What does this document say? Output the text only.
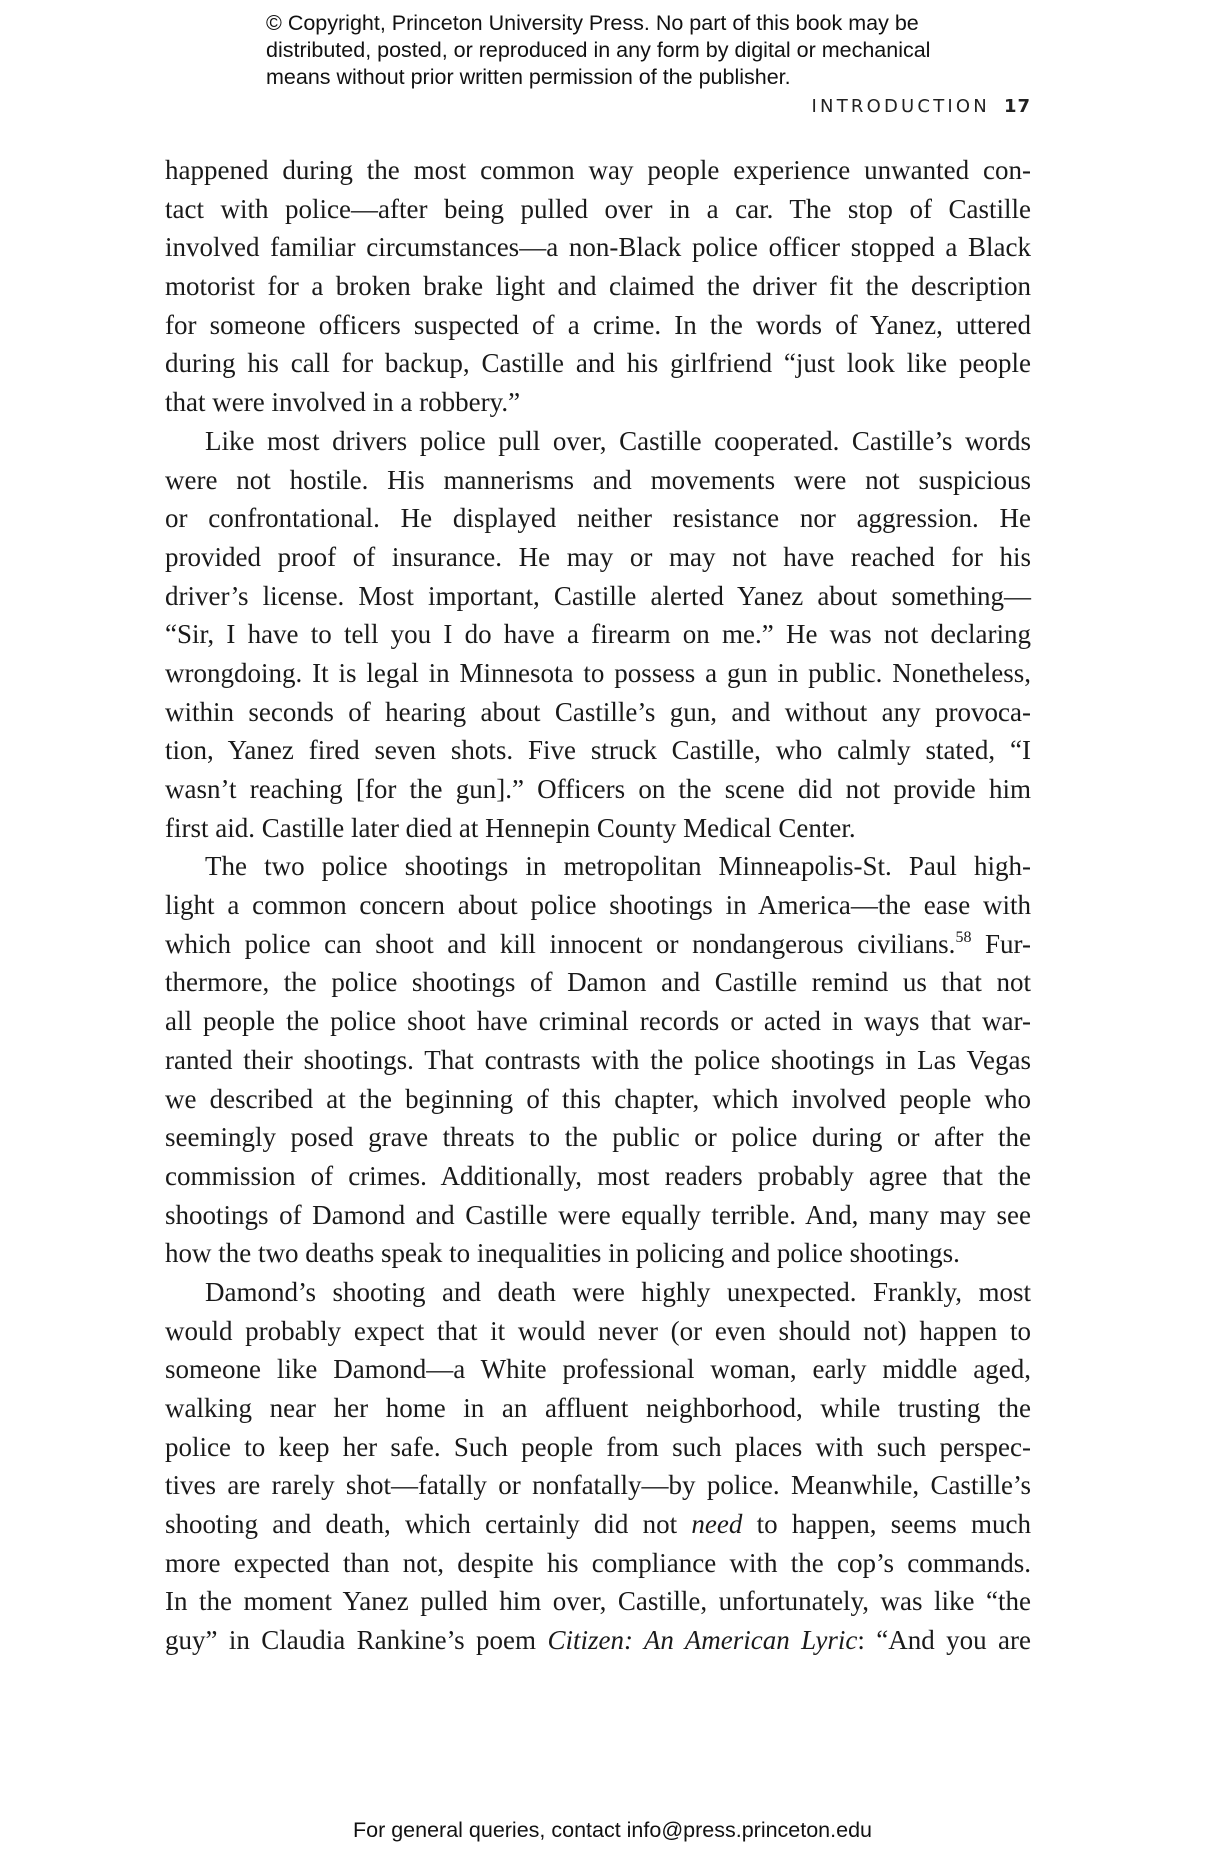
© Copyright, Princeton University Press. No part of this book may be
distributed, posted, or reproduced in any form by digital or mechanical
means without prior written permission of the publisher.
INTRODUCTION 17

happened during the most common way people experience unwanted con-
tact with police—after being pulled over in a car. The stop of Castille
involved familiar circumstances—a non-Black police officer stopped a Black
motorist for a broken brake light and claimed the driver fit the description
for someone officers suspected of a crime. In the words of Yanez, uttered
during his call for backup, Castille and his girlfriend “just look like people
that were involved in a robbery.”

Like most drivers police pull over, Castille cooperated. Castille’s words
were not hostile. His mannerisms and movements were not suspicious
or confrontational. He displayed neither resistance nor aggression. He
provided proof of insurance. He may or may not have reached for his
driver’s license. Most important, Castille alerted Yanez about something—
“Sir, I have to tell you I do have a firearm on me.” He was not declaring
wrongdoing. It is legal in Minnesota to possess a gun in public. Nonetheless,
within seconds of hearing about Castille’s gun, and without any provoca-
tion, Yanez fired seven shots. Five struck Castille, who calmly stated, “I
wasn’t reaching [for the gun].” Officers on the scene did not provide him
first aid. Castille later died at Hennepin County Medical Center.

The two police shootings in metropolitan Minneapolis-St. Paul high-
light a common concern about police shootings in America—the ease with
which police can shoot and kill innocent or nondangerous civilians.$^{58}$ Fur-
thermore, the police shootings of Damon and Castille remind us that not
all people the police shoot have criminal records or acted in ways that war-
ranted their shootings. That contrasts with the police shootings in Las Vegas
we described at the beginning of this chapter, which involved people who
seemingly posed grave threats to the public or police during or after the
commission of crimes. Additionally, most readers probably agree that the
shootings of Damond and Castille were equally terrible. And, many may see
how the two deaths speak to inequalities in policing and police shootings.

Damond’s shooting and death were highly unexpected. Frankly, most
would probably expect that it would never (or even should not) happen to
someone like Damond—a White professional woman, early middle aged,
walking near her home in an affluent neighborhood, while trusting the
police to keep her safe. Such people from such places with such perspec-
tives are rarely shot—fatally or nonfatally—by police. Meanwhile, Castille’s
shooting and death, which certainly did not need to happen, seems much
more expected than not, despite his compliance with the cop’s commands.
In the moment Yanez pulled him over, Castille, unfortunately, was like “the
guy” in Claudia Rankine’s poem Citizen: An American Lyric: “And you are

For general queries, contact info@press.princeton.edu
